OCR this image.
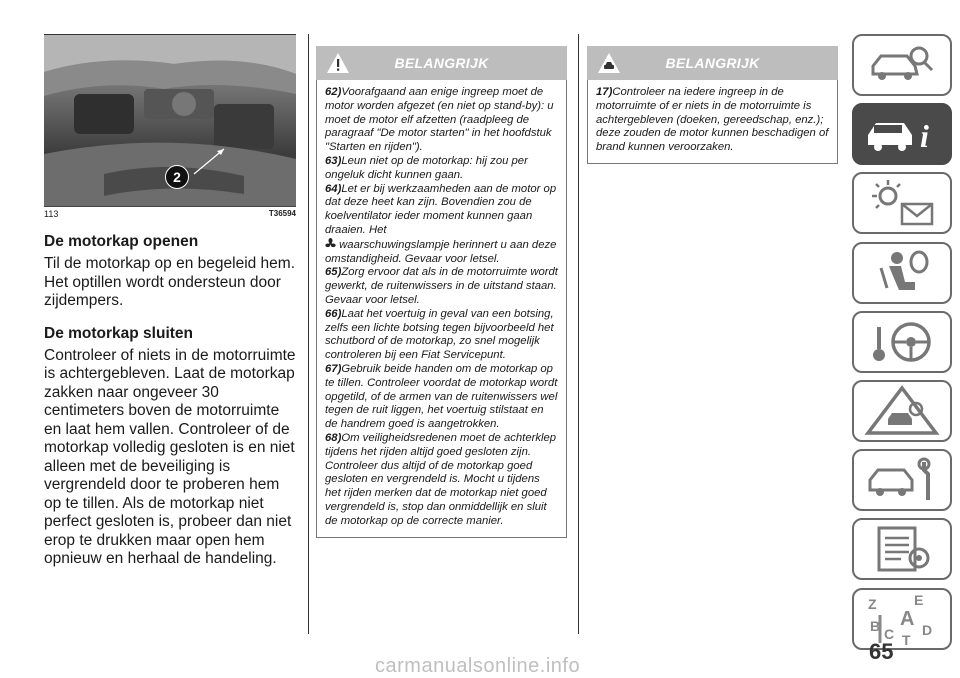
2
113	T36594
De motorkap openen

Til de motorkap op en begeleid hem. Het optillen wordt ondersteun door zijdempers.

De motorkap sluiten

Controleer of niets in de motorruimte is achtergebleven. Laat de motorkap zakken naar ongeveer 30 centimeters boven de motorruimte en laat hem vallen. Controleer of de motorkap volledig gesloten is en niet alleen met de beveiliging is vergrendeld door te proberen hem op te tillen. Als de motorkap niet perfect gesloten is, probeer dan niet erop te drukken maar open hem opnieuw en herhaal de handeling.

BELANGRIJK

62)Voorafgaand aan enige ingreep moet de motor worden afgezet (en niet op stand-by): u moet de motor elf afzetten (raadpleeg de paragraaf "De motor starten" in het hoofdstuk "Starten en rijden").

63)Leun niet op de motorkap: hij zou per ongeluk dicht kunnen gaan.

64)Let er bij werkzaamheden aan de motor op dat deze heet kan zijn. Bovendien zou de koelventilator ieder moment kunnen gaan draaien. Het
waarschuwingslampje herinnert u aan deze omstandigheid. Gevaar voor letsel.

65)Zorg ervoor dat als in de motorruimte wordt gewerkt, de ruitenwissers in de uitstand staan. Gevaar voor letsel.

66)Laat het voertuig in geval van een botsing, zelfs een lichte botsing tegen bijvoorbeeld het schutbord of de motorkap, zo snel mogelijk controleren bij een Fiat Servicepunt.

67)Gebruik beide handen om de motorkap op te tillen. Controleer voordat de motorkap wordt opgetild, of de armen van de ruitenwissers wel tegen de ruit liggen, het voertuig stilstaat en de handrem goed is aangetrokken.

68)Om veiligheidsredenen moet de achterklep tijdens het rijden altijd goed gesloten zijn. Controleer dus altijd of de motorkap goed gesloten en vergrendeld is. Mocht u tijdens het rijden merken dat de motorkap niet goed vergrendeld is, stop dan onmiddellijk en sluit de motorkap op de correcte manier.

BELANGRIJK

17)Controleer na iedere ingreep in de motorruimte of er niets in de motorruimte is achtergebleven (doeken, gereedschap, enz.); deze zouden de motor kunnen beschadigen of brand kunnen veroorzaken.	i
Z	E
B A
C D
T
65
carmanualsonline.info
